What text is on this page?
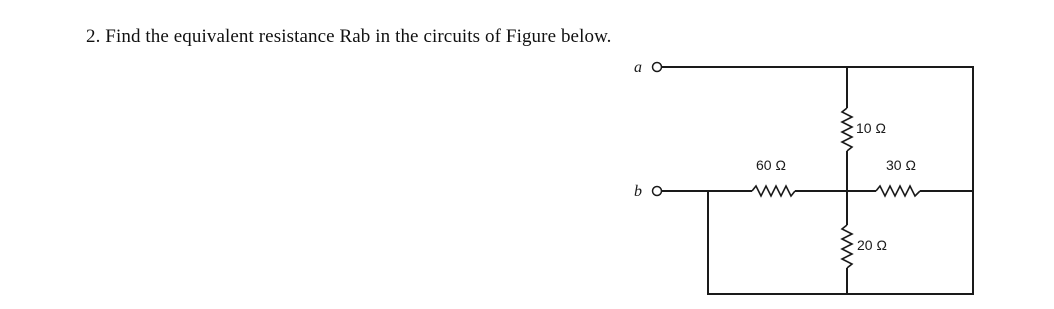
2. Find the equivalent resistance Rab in the circuits of Figure below.
a
b
10 Ω
60 Ω	30 Ω
20 Ω
